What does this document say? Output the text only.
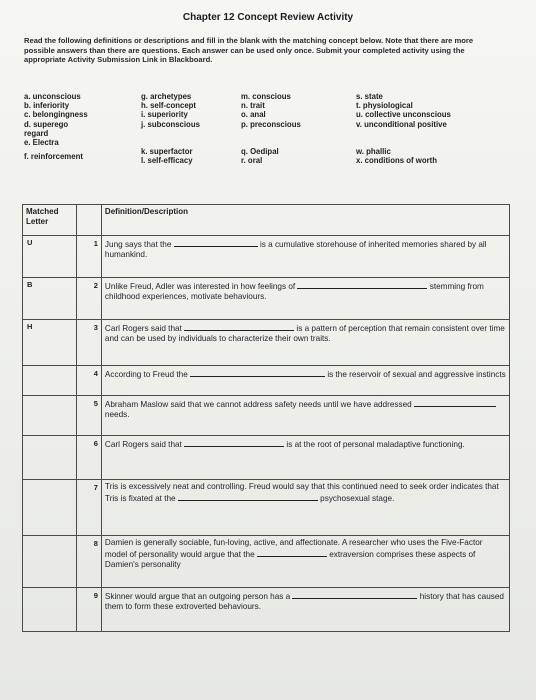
Chapter 12 Concept Review Activity
Read the following definitions or descriptions and fill in the blank with the matching concept below. Note that there are more possible answers than there are questions. Each answer can be used only once. Submit your completed activity using the appropriate Activity Submission Link in Blackboard.
a. unconscious
b. inferiority
c. belongingness
d. superego
regard
e. Electra
f. reinforcement
g. archetypes
h. self-concept
i. superiority
j. subconscious
k. superfactor
l. self-efficacy
m. conscious
n. trait
o. anal
p. preconscious
q. Oedipal
r. oral
s. state
t. physiological
u. collective unconscious
v. unconditional positive
w. phallic
x. conditions of worth
Matched Letter		Definition/Description
U	1	Jung says that the is a cumulative storehouse of inherited memories shared by all humankind.
B	2	Unlike Freud, Adler was interested in how feelings of stemming from childhood experiences, motivate behaviours.
H	3	Carl Rogers said that is a pattern of perception that remain consistent over time and can be used by individuals to characterize their own traits.
	4	According to Freud the is the reservoir of sexual and aggressive instincts
	5	Abraham Maslow said that we cannot address safety needs until we have addressed  needs.
	6	Carl Rogers said that is at the root of personal maladaptive functioning.
	7	Tris is excessively neat and controlling. Freud would say that this continued need to seek order indicates that Tris is fixated at the psychosexual stage.
	8	Damien is generally sociable, fun-loving, active, and affectionate. A researcher who uses the Five-Factor model of personality would argue that the extraversion comprises these aspects of Damien's personality
	9	Skinner would argue that an outgoing person has a history that has caused them to form these extroverted behaviours.
